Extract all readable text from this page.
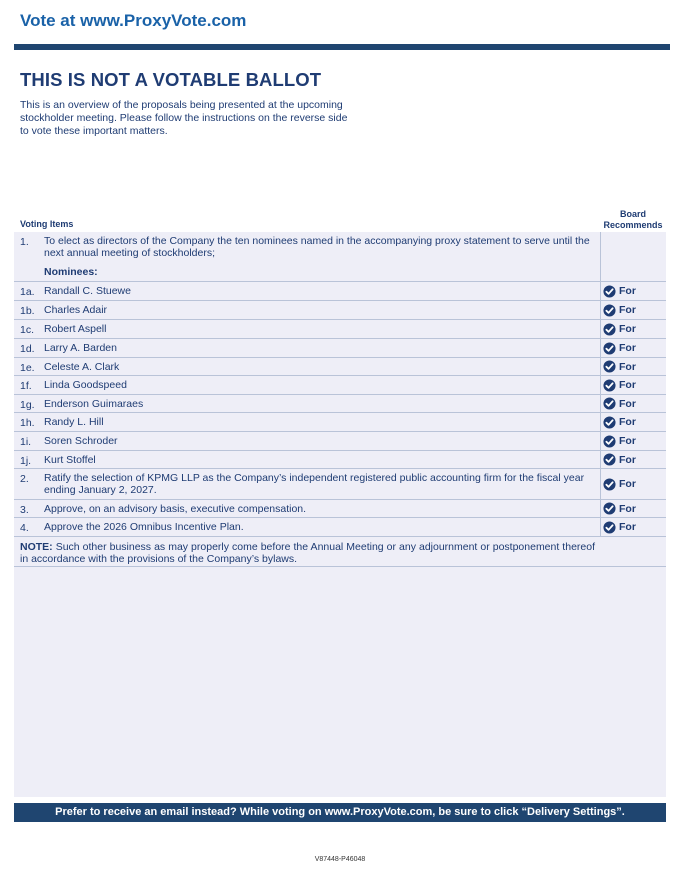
Vote at www.ProxyVote.com
THIS IS NOT A VOTABLE BALLOT
This is an overview of the proposals being presented at the upcoming stockholder meeting. Please follow the instructions on the reverse side to vote these important matters.
Voting Items
Board Recommends
1. To elect as directors of the Company the ten nominees named in the accompanying proxy statement to serve until the next annual meeting of stockholders;
Nominees:
1a. Randall C. Stuewe	For
1b. Charles Adair	For
1c. Robert Aspell	For
1d. Larry A. Barden	For
1e. Celeste A. Clark	For
1f. Linda Goodspeed	For
1g. Enderson Guimaraes	For
1h. Randy L. Hill	For
1i. Soren Schroder	For
1j. Kurt Stoffel	For
2. Ratify the selection of KPMG LLP as the Company’s independent registered public accounting firm for the fiscal year ending January 2, 2027.	For
3. Approve, on an advisory basis, executive compensation.	For
4. Approve the 2026 Omnibus Incentive Plan.	For
NOTE: Such other business as may properly come before the Annual Meeting or any adjournment or postponement thereof in accordance with the provisions of the Company’s bylaws.
Prefer to receive an email instead? While voting on www.ProxyVote.com, be sure to click “Delivery Settings”.
V87448-P46048
